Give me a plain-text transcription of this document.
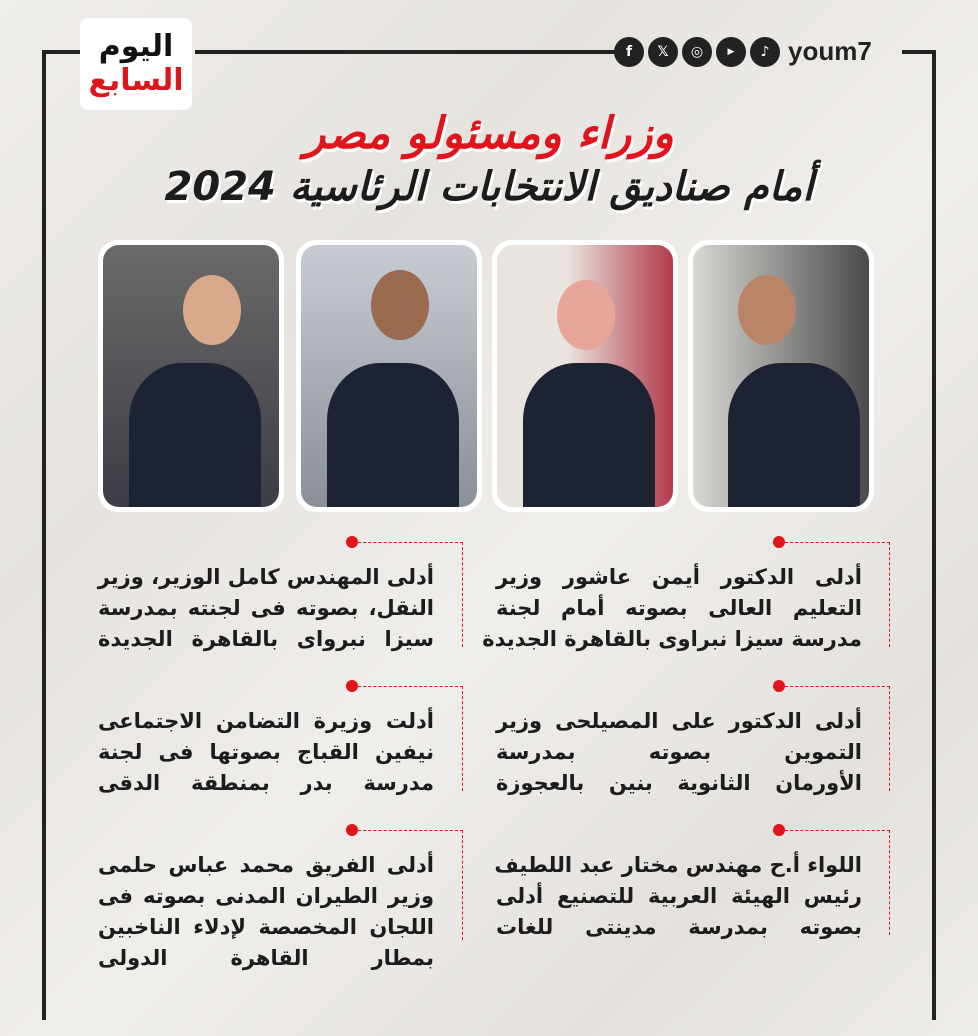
اليوم
السابع
f	𝕏	◎	▶	♪ youm7
وزراء ومسئولو مصر
أمام صناديق الانتخابات الرئاسية 2024
أدلى الدكتور أيمن عاشور وزير
التعليم العالى بصوته أمام لجنة
مدرسة سيزا نبراوى بالقاهرة الجديدة
أدلى المهندس كامل الوزير، وزير
النقل، بصوته فى لجنته بمدرسة
سيزا نبرواى بالقاهرة الجديدة
أدلى الدكتور على المصيلحى وزير
التموين بصوته بمدرسة
الأورمان الثانوية بنين بالعجوزة
أدلت وزيرة التضامن الاجتماعى
نيفين القباج بصوتها فى لجنة
مدرسة بدر بمنطقة الدقى
اللواء أ.ح مهندس مختار عبد اللطيف
رئيس الهيئة العربية للتصنيع أدلى
بصوته بمدرسة مدينتى للغات
أدلى الفريق محمد عباس حلمى
وزير الطيران المدنى بصوته فى
اللجان المخصصة لإدلاء الناخبين
بمطار القاهرة الدولى
